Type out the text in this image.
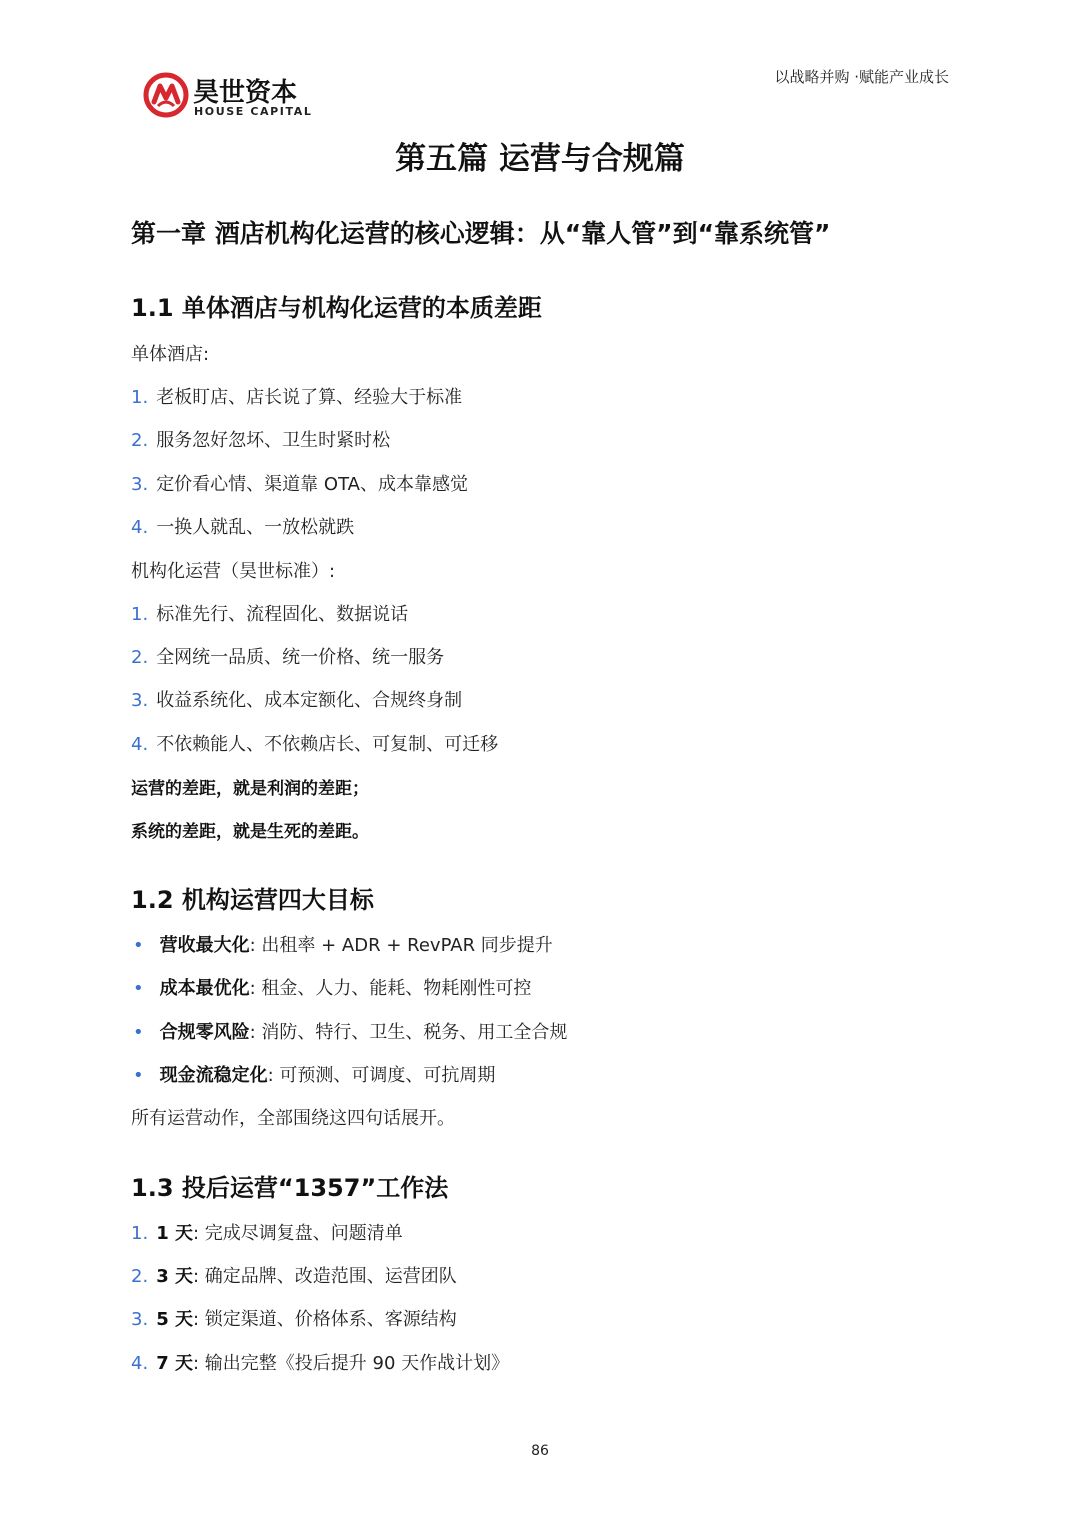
昊世资本
HOUSE CAPITAL
以战略并购 ·赋能产业成长
第五篇 运营与合规篇
第一章 酒店机构化运营的核心逻辑：从“靠人管”到“靠系统管”
1.1 单体酒店与机构化运营的本质差距
单体酒店:
1. 老板盯店、店长说了算、经验大于标准
2. 服务忽好忽坏、卫生时紧时松
3. 定价看心情、渠道靠 OTA、成本靠感觉
4. 一换人就乱、一放松就跌
机构化运营（昊世标准）:
1. 标准先行、流程固化、数据说话
2. 全网统一品质、统一价格、统一服务
3. 收益系统化、成本定额化、合规终身制
4. 不依赖能人、不依赖店长、可复制、可迁移
运营的差距，就是利润的差距；
系统的差距，就是生死的差距。
1.2 机构运营四大目标
• 营收最大化: 出租率 + ADR + RevPAR 同步提升
• 成本最优化: 租金、人力、能耗、物耗刚性可控
• 合规零风险: 消防、特行、卫生、税务、用工全合规
• 现金流稳定化: 可预测、可调度、可抗周期
所有运营动作，全部围绕这四句话展开。
1.3 投后运营“1357”工作法
1. 1 天: 完成尽调复盘、问题清单
2. 3 天: 确定品牌、改造范围、运营团队
3. 5 天: 锁定渠道、价格体系、客源结构
4. 7 天: 输出完整《投后提升 90 天作战计划》
86
